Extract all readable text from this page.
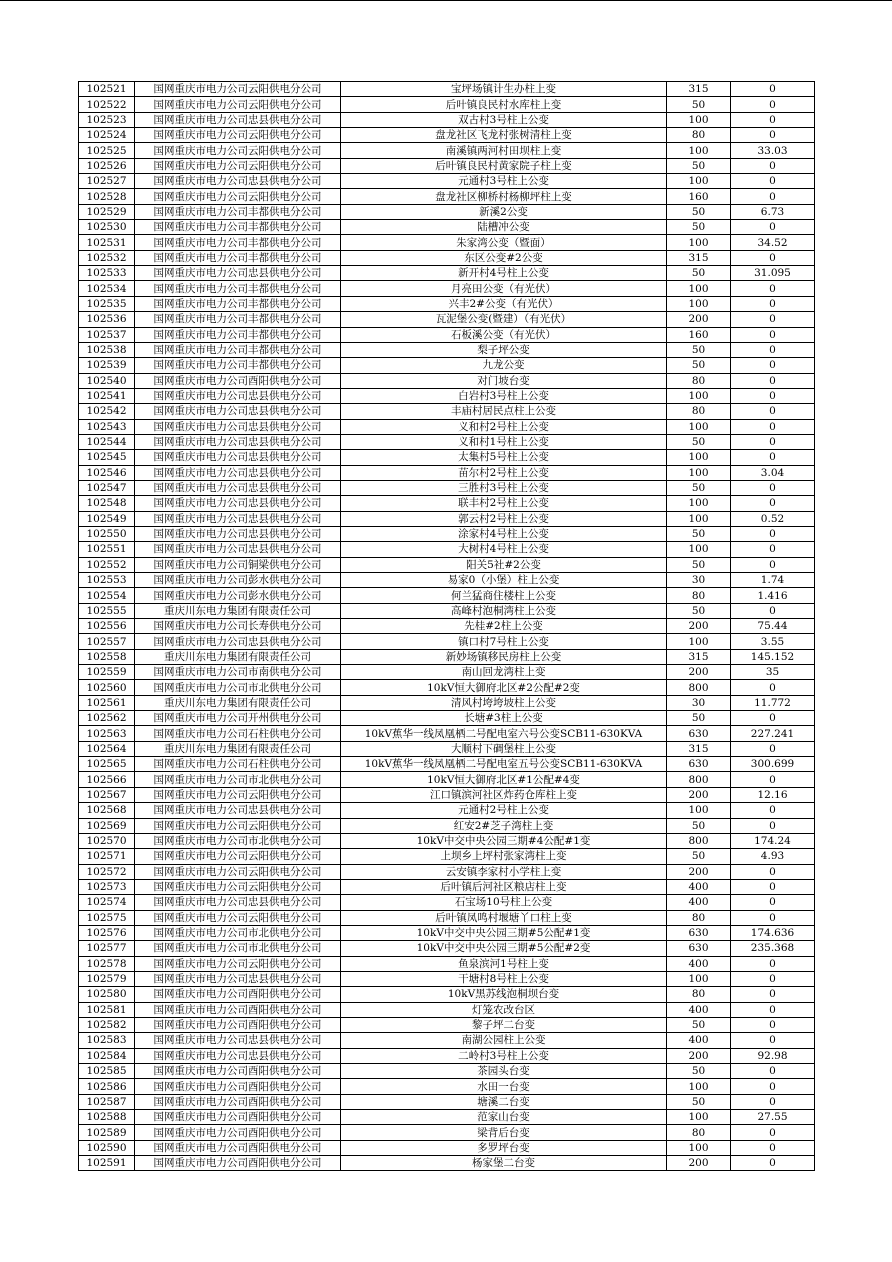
102521	国网重庆市电力公司云阳供电分公司	宝坪场镇计生办柱上变	315	0
102522	国网重庆市电力公司云阳供电分公司	后叶镇良民村水库柱上变	50	0
102523	国网重庆市电力公司忠县供电分公司	双古村3号柱上公变	100	0
102524	国网重庆市电力公司云阳供电分公司	盘龙社区飞龙村张树清柱上变	80	0
102525	国网重庆市电力公司云阳供电分公司	南溪镇两河村田坝柱上变	100	33.03
102526	国网重庆市电力公司云阳供电分公司	后叶镇良民村黄家院子柱上变	50	0
102527	国网重庆市电力公司忠县供电分公司	元通村3号柱上公变	100	0
102528	国网重庆市电力公司云阳供电分公司	盘龙社区柳桥村杨柳坪柱上变	160	0
102529	国网重庆市电力公司丰都供电分公司	新溪2公变	50	6.73
102530	国网重庆市电力公司丰都供电分公司	陆槽冲公变	50	0
102531	国网重庆市电力公司丰都供电分公司	朱家湾公变（暨面）	100	34.52
102532	国网重庆市电力公司丰都供电分公司	东区公变#2公变	315	0
102533	国网重庆市电力公司忠县供电分公司	新开村4号柱上公变	50	31.095
102534	国网重庆市电力公司丰都供电分公司	月亮田公变（有光伏）	100	0
102535	国网重庆市电力公司丰都供电分公司	兴丰2#公变（有光伏）	100	0
102536	国网重庆市电力公司丰都供电分公司	瓦泥堡公变(暨建）（有光伏）	200	0
102537	国网重庆市电力公司丰都供电分公司	石板溪公变（有光伏）	160	0
102538	国网重庆市电力公司丰都供电分公司	梨子坪公变	50	0
102539	国网重庆市电力公司丰都供电分公司	九龙公变	50	0
102540	国网重庆市电力公司酉阳供电分公司	对门坡台变	80	0
102541	国网重庆市电力公司忠县供电分公司	白岩村3号柱上公变	100	0
102542	国网重庆市电力公司忠县供电分公司	丰庙村居民点柱上公变	80	0
102543	国网重庆市电力公司忠县供电分公司	义和村2号柱上公变	100	0
102544	国网重庆市电力公司忠县供电分公司	义和村1号柱上公变	50	0
102545	国网重庆市电力公司忠县供电分公司	太集村5号柱上公变	100	0
102546	国网重庆市电力公司忠县供电分公司	苗尔村2号柱上公变	100	3.04
102547	国网重庆市电力公司忠县供电分公司	三胜村3号柱上公变	50	0
102548	国网重庆市电力公司忠县供电分公司	联丰村2号柱上公变	100	0
102549	国网重庆市电力公司忠县供电分公司	郭云村2号柱上公变	100	0.52
102550	国网重庆市电力公司忠县供电分公司	涂家村4号柱上公变	50	0
102551	国网重庆市电力公司忠县供电分公司	大树村4号柱上公变	100	0
102552	国网重庆市电力公司铜梁供电分公司	阳关5社#2公变	50	0
102553	国网重庆市电力公司彭水供电分公司	易家0（小堡）柱上公变	30	1.74
102554	国网重庆市电力公司彭水供电分公司	何兰猛商住楼柱上公变	80	1.416
102555	重庆川东电力集团有限责任公司	高峰村泡桐湾柱上公变	50	0
102556	国网重庆市电力公司长寿供电分公司	先桂#2柱上公变	200	75.44
102557	国网重庆市电力公司忠县供电分公司	镇口村7号柱上公变	100	3.55
102558	重庆川东电力集团有限责任公司	新妙场镇移民房柱上公变	315	145.152
102559	国网重庆市电力公司市南供电分公司	南山回龙湾柱上变	200	35
102560	国网重庆市电力公司市北供电分公司	10kV恒大御府北区#2公配#2变	800	0
102561	重庆川东电力集团有限责任公司	清风村垮垮坡柱上公变	30	11.772
102562	国网重庆市电力公司开州供电分公司	长塘#3柱上公变	50	0
102563	国网重庆市电力公司石柱供电分公司	10kV蕉华一线凤凰栖二号配电室六号公变SCB11-630KVA	630	227.241
102564	重庆川东电力集团有限责任公司	大顺村下碉堡柱上公变	315	0
102565	国网重庆市电力公司石柱供电分公司	10kV蕉华一线凤凰栖二号配电室五号公变SCB11-630KVA	630	300.699
102566	国网重庆市电力公司市北供电分公司	10kV恒大御府北区#1公配#4变	800	0
102567	国网重庆市电力公司云阳供电分公司	江口镇滨河社区炸药仓库柱上变	200	12.16
102568	国网重庆市电力公司忠县供电分公司	元通村2号柱上公变	100	0
102569	国网重庆市电力公司云阳供电分公司	红安2#芝子湾柱上变	50	0
102570	国网重庆市电力公司市北供电分公司	10kV中交中央公园三期#4公配#1变	800	174.24
102571	国网重庆市电力公司云阳供电分公司	上坝乡上坪村张家湾柱上变	50	4.93
102572	国网重庆市电力公司云阳供电分公司	云安镇李家村小学柱上变	200	0
102573	国网重庆市电力公司云阳供电分公司	后叶镇后河社区粮店柱上变	400	0
102574	国网重庆市电力公司忠县供电分公司	石宝场10号柱上公变	400	0
102575	国网重庆市电力公司云阳供电分公司	后叶镇凤鸣村堰塘丫口柱上变	80	0
102576	国网重庆市电力公司市北供电分公司	10kV中交中央公园三期#5公配#1变	630	174.636
102577	国网重庆市电力公司市北供电分公司	10kV中交中央公园三期#5公配#2变	630	235.368
102578	国网重庆市电力公司云阳供电分公司	鱼泉滨河1号柱上变	400	0
102579	国网重庆市电力公司忠县供电分公司	干塘村8号柱上公变	100	0
102580	国网重庆市电力公司酉阳供电分公司	10kV黑苏线泡桐坝台变	80	0
102581	国网重庆市电力公司酉阳供电分公司	灯笼农改台区	400	0
102582	国网重庆市电力公司酉阳供电分公司	黎子坪二台变	50	0
102583	国网重庆市电力公司忠县供电分公司	南湖公园柱上公变	400	0
102584	国网重庆市电力公司忠县供电分公司	二岭村3号柱上公变	200	92.98
102585	国网重庆市电力公司酉阳供电分公司	茶园头台变	50	0
102586	国网重庆市电力公司酉阳供电分公司	水田一台变	100	0
102587	国网重庆市电力公司酉阳供电分公司	塘溪二台变	50	0
102588	国网重庆市电力公司酉阳供电分公司	范家山台变	100	27.55
102589	国网重庆市电力公司酉阳供电分公司	梁背后台变	80	0
102590	国网重庆市电力公司酉阳供电分公司	多罗坪台变	100	0
102591	国网重庆市电力公司酉阳供电分公司	杨家堡二台变	200	0
